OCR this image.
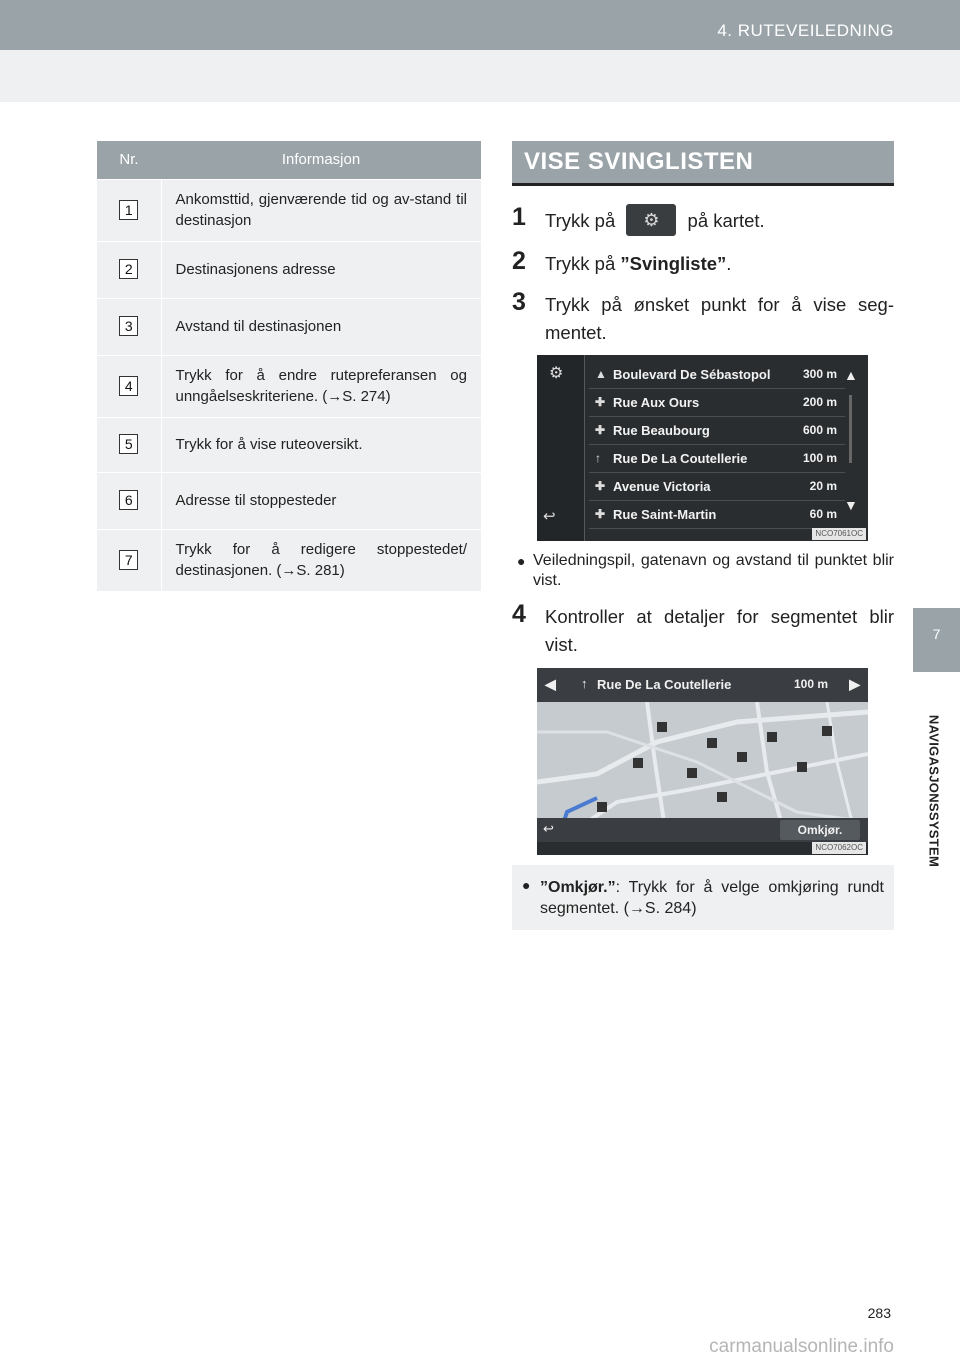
4. RUTEVEILEDNING
7
NAVIGASJONSSYSTEM
Nr.	Informasjon
1	Ankomsttid, gjenværende tid og av-stand til destinasjon
2	Destinasjonens adresse
3	Avstand til destinasjonen
4	Trykk for å endre rutepreferansen og unngåelseskriteriene. (→S. 274)
5	Trykk for å vise ruteoversikt.
6	Adresse til stoppesteder
7	Trykk for å redigere stoppestedet/ destinasjonen. (→S. 281)
VISE SVINGLISTEN
1	Trykk på ⚙ på kartet.
2	Trykk på ”Svingliste”.
3	Trykk på ønsket punkt for å vise seg-mentet.
⚙
↩
▲ Boulevard De Sébastopol	300 m
✚ Rue Aux Ours	200 m
✚ Rue Beaubourg	600 m
↑ Rue De La Coutellerie	100 m
✚ Avenue Victoria	20 m
✚ Rue Saint-Martin	60 m
▲
▼
NCO7061OC
● Veiledningspil, gatenavn og avstand til punktet blir vist.
4	Kontroller at detaljer for segmentet blir vist.
◀ ↑ Rue De La Coutellerie	100 m ▶
↩	Omkjør.
NCO7062OC
● ”Omkjør.”: Trykk for å velge omkjøring rundt segmentet. (→S. 284)
283
carmanualsonline.info
